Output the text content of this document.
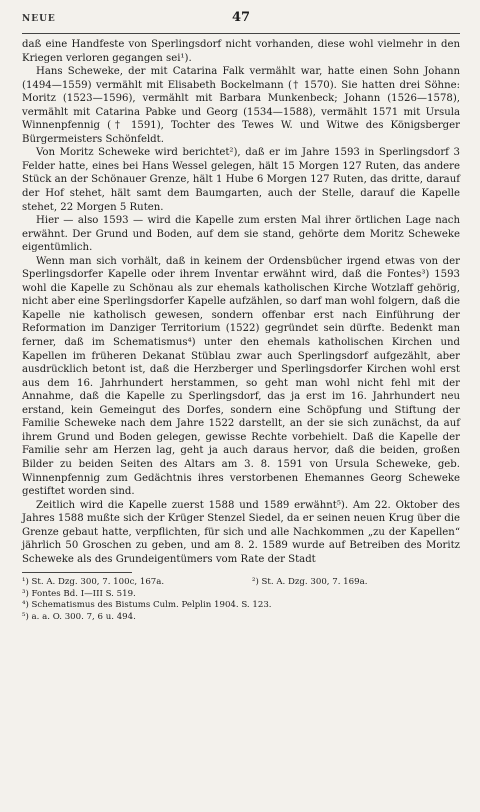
NEUE	47

daß eine Handfeste von Sperlingsdorf nicht vorhanden, diese wohl vielmehr in den Kriegen verloren gegangen sei¹).

Hans Scheweke, der mit Catarina Falk vermählt war, hatte einen Sohn Johann (1494—1559) vermählt mit Elisabeth Bockelmann († 1570). Sie hatten drei Söhne: Moritz (1523—1596), vermählt mit Barbara Munkenbeck; Johann (1526—1578), vermählt mit Catarina Pabke und Georg (1534—1588), vermählt 1571 mit Ursula Winnenpfennig († 1591), Tochter des Tewes W. und Witwe des Königsberger Bürgermeisters Schönfeldt.

Von Moritz Scheweke wird berichtet²), daß er im Jahre 1593 in Sperlingsdorf 3 Felder hatte, eines bei Hans Wessel gelegen, hält 15 Morgen 127 Ruten, das andere Stück an der Schönauer Grenze, hält 1 Hube 6 Morgen 127 Ruten, das dritte, darauf der Hof stehet, hält samt dem Baumgarten, auch der Stelle, darauf die Kapelle stehet, 22 Morgen 5 Ruten.

Hier — also 1593 — wird die Kapelle zum ersten Mal ihrer örtlichen Lage nach erwähnt. Der Grund und Boden, auf dem sie stand, gehörte dem Moritz Scheweke eigentümlich.

Wenn man sich vorhält, daß in keinem der Ordensbücher irgend etwas von der Sperlingsdorfer Kapelle oder ihrem Inventar erwähnt wird, daß die Fontes³) 1593 wohl die Kapelle zu Schönau als zur ehemals katholischen Kirche Wotzlaff gehörig, nicht aber eine Sperlingsdorfer Kapelle aufzählen, so darf man wohl folgern, daß die Kapelle nie katholisch gewesen, sondern offenbar erst nach Einführung der Reformation im Danziger Territorium (1522) gegründet sein dürfte. Bedenkt man ferner, daß im Schematismus⁴) unter den ehemals katholischen Kirchen und Kapellen im früheren Dekanat Stüblau zwar auch Sperlingsdorf aufgezählt, aber ausdrücklich betont ist, daß die Herzberger und Sperlingsdorfer Kirchen wohl erst aus dem 16. Jahrhundert herstammen, so geht man wohl nicht fehl mit der Annahme, daß die Kapelle zu Sperlingsdorf, das ja erst im 16. Jahrhundert neu erstand, kein Gemeingut des Dorfes, sondern eine Schöpfung und Stiftung der Familie Scheweke nach dem Jahre 1522 darstellt, an der sie sich zunächst, da auf ihrem Grund und Boden gelegen, gewisse Rechte vorbehielt. Daß die Kapelle der Familie sehr am Herzen lag, geht ja auch daraus hervor, daß die beiden, großen Bilder zu beiden Seiten des Altars am 3. 8. 1591 von Ursula Scheweke, geb. Winnenpfennig zum Gedächtnis ihres verstorbenen Ehemannes Georg Scheweke gestiftet worden sind.

Zeitlich wird die Kapelle zuerst 1588 und 1589 erwähnt⁵). Am 22. Oktober des Jahres 1588 mußte sich der Krüger Stenzel Siedel, da er seinen neuen Krug über die Grenze gebaut hatte, verpflichten, für sich und alle Nachkommen „zu der Kapellen“ jährlich 50 Groschen zu geben, und am 8. 2. 1589 wurde auf Betreiben des Moritz Scheweke als des Grundeigentümers vom Rate der Stadt

¹) St. A. Dzg. 300, 7. 100c, 167a.	²) St. A. Dzg. 300, 7. 169a.
³) Fontes Bd. I—III S. 519.
⁴) Schematismus des Bistums Culm. Pelplin 1904. S. 123.
⁵) a. a. O. 300. 7, 6 u. 494.
